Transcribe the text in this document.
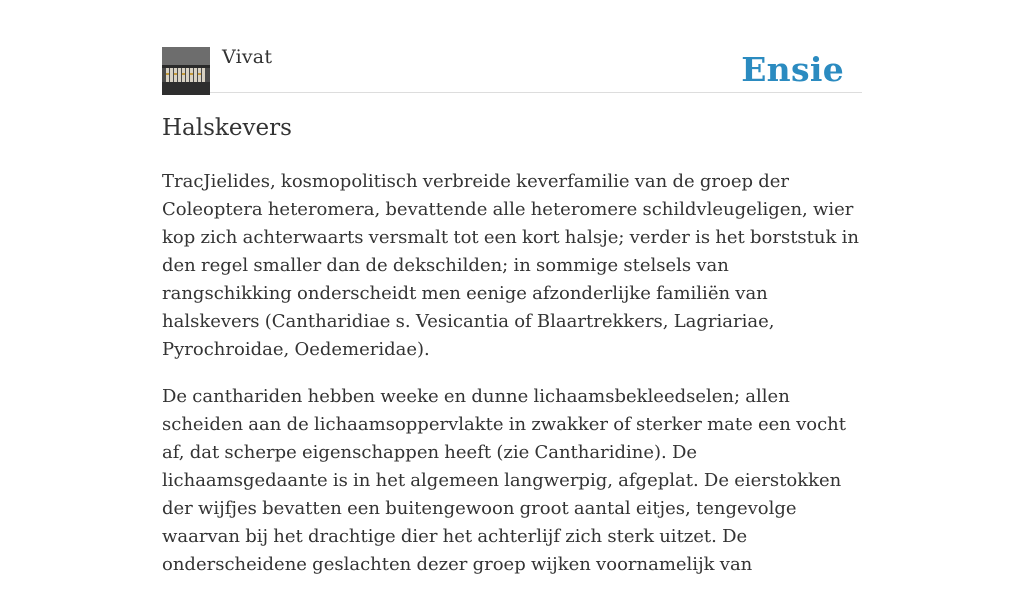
Vivat	Ensie
Halskevers

TracJielides, kosmopolitisch verbreide keverfamilie van de groep der Coleoptera heteromera, bevattende alle heteromere schildvleugeligen, wier kop zich achterwaarts versmalt tot een kort halsje; verder is het borststuk in den regel smaller dan de dekschilden; in sommige stelsels van rangschikking onderscheidt men eenige afzonderlijke familiën van halskevers (Cantharidiae s. Vesicantia of Blaartrekkers, Lagriariae, Pyrochroidae, Oedemeridae).

De canthariden hebben weeke en dunne lichaamsbekleedselen; allen scheiden aan de lichaamsoppervlakte in zwakker of sterker mate een vocht af, dat scherpe eigenschappen heeft (zie Cantharidine). De lichaamsgedaante is in het algemeen langwerpig, afgeplat. De eierstokken der wijfjes bevatten een buitengewoon groot aantal eitjes, tengevolge waarvan bij het drachtige dier het achterlijf zich sterk uitzet. De onderscheidene geslachten dezer groep wijken voornamelijk van
